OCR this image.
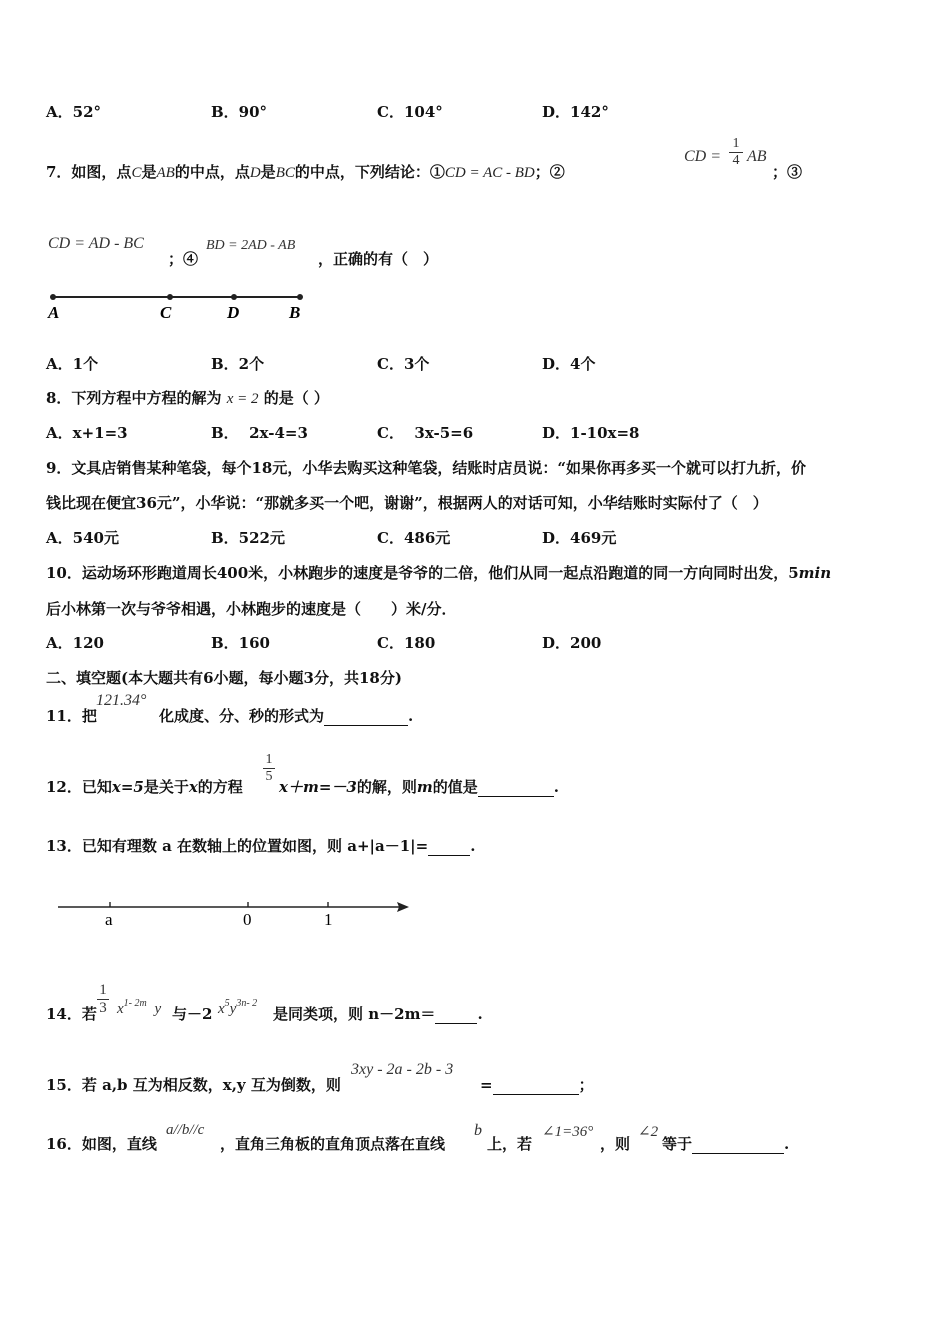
A．52°	B．90°	C．104°	D．142°
7．如图，点C是AB的中点，点D是BC的中点，下列结论：①CD = AC - BD；②
CD = $\frac{1}{4}$ AB
；③
CD = AD - BC
；④
BD = 2AD - AB
，正确的有（　）
A	C	D	B
A．1个	B．2个	C．3个	D．4个
8．下列方程中方程的解为 x = 2 的是（ ）
A．x+1=3	B．  2x-4=3	C．  3x-5=6	D．1-10x=8
9．文具店销售某种笔袋，每个18元，小华去购买这种笔袋，结账时店员说：“如果你再多买一个就可以打九折，价
钱比现在便宜36元”，小华说：“那就多买一个吧，谢谢”，根据两人的对话可知，小华结账时实际付了（　）
A．540元	B．522元	C．486元	D．469元
10．运动场环形跑道周长400米，小林跑步的速度是爷爷的二倍，他们从同一起点沿跑道的同一方向同时出发，5min
后小林第一次与爷爷相遇，小林跑步的速度是（　　）米/分．
A．120	B．160	C．180	D．200
二、填空题(本大题共有6小题，每小题3分，共18分)
11．把
121.34°
化成度、分、秒的形式为	.
12．已知x=5是关于x的方程
$\frac{1}{5}$
x＋m=－3的解，则m的值是	.
13．已知有理数 a 在数轴上的位置如图，则 a+|a－1|=	.
a	0	1
14．若 $\frac{1}{3} x^{1- 2m}$ y 与－2 $x^5y^{3n- 2}$
是同类项，则 n－2m＝	.
15．若 a,b 互为相反数，x,y 互为倒数，则
3xy - 2a - 2b - 3
=	；
16．如图，直线
a//b//c
，直角三角板的直角顶点落在直线
b
上，若
∠1=36°
，则
∠2
等于	.
